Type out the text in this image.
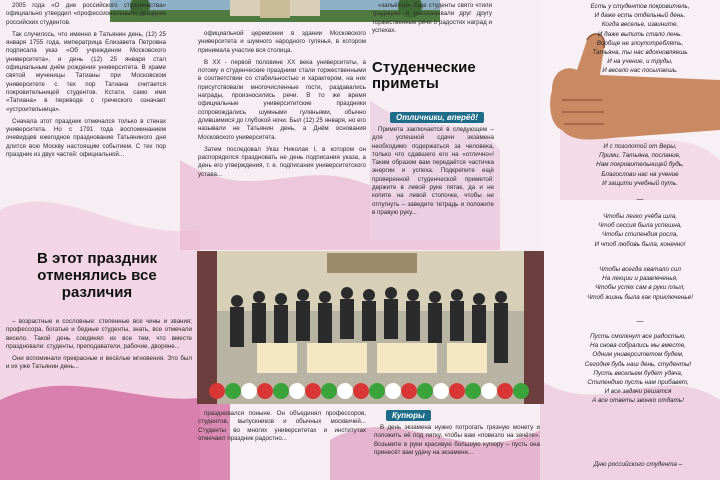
2005 года «О дне российского студенчества» официально утвердил «профессиональный» праздник российских студентов.

Так случилось, что именно в Татьянин день, (12) 25 января 1755 года, императрица Елизавета Петровна подписала указ «Об учреждении Московского университета», и день (12) 25 января стал официальным днём рождения университета. В храме святой мученицы Татианы при Московском университете с тех пор Татиана считается покровительницей студентов. Кстати, само имя «Татиана» в переводе с греческого означает «устроительница».

Сначала этот праздник отмечался только в стенах университета. Но с 1791 года воспоминанием очевидцев ежегодное празднование Татьяниного дня длится всю Москву настоящим событием. С тех пор праздник из двух частей: официальной...

официальной церемонии в здании Московского университета и шумного народного гулянья, в котором принимала участие вся столица.

В XX - первой половине XX века университеты, а потому и студенческие праздники стали торжественными в соответствии со стабильностью и характером, на них присутствовали многочисленные гости, раздавались награды, произносились речи. В то же время официальные университетские праздники сопровождались шумными гуляньями, обычно длившимися до глубокой ночи. Был (12) 25 января, но его называли не Татьянин день, а Днём основания Московского университета.

Затем последовал Указ Николая I, в котором он распорядился праздновать не день подписания указа, а день его утверждения, т. е. подписания университетского устава...

«запьётся». Еще студенты свято чтили традицию и рассказывали друг другу торжественные речи о радостях наград и успехах.

Студенческие приметы
Отличники, вперёд!

Примета заключается в следующем – для успешной сдачи экзамена необходимо подержаться за человека, только что сдавшего его на «отлично»! Таким образом вам передаётся частичка энергии и успеха. Подкрепите ещё проверенной студенческой приметой: держите в левой руке пятак, да и не копите на левой стопочке, чтобы не отпугнуть – заведите тетрадь и положите в правую руку...

Есть у студентов покровитель,
И даже есть отдельный день.
Когда веселье, извините,
И даже выпить стало лень.
Вообще не злоупотреблять,
Татьяна, ты нас вдохновляешь
И на учение, и труды,
И весело нас посылаешь.
И с позолотой от Веры,
Прими, Татьяна, послание,
Нам покровительницей будь,
Благослови нас на учение
И защити учебный путь.
—
Чтобы легко учёба шла,
Чтоб сессия была успешна,
Чтобы стипендия росла,
И чтоб любовь была, конечно!
Чтобы всегда хватало сил
На лекции и развлеченья,
Чтобы успех сам в руки плыл,
Чтоб жизнь была как приключенье!
—
Пусть смолкнут все радостью,
На снова собрались мы вместе,
Одним университетом будем,
Сегодня будь наш день, студенты!
Пусть весельем будет удача,
Стипендию пусть нам прибавят,
И все задачи решатся
А все ответы звонко отдать!
Дню российского студента –
В этот праздник отменялись все различия

– возрастные и сословные: степенные все чины и звания; профессора, богатые и бедные студенты, знать, все отмечали весело. Такой день соединял их все тем, что вместе праздновали: студенты, преподаватели, рабочие, дворяне...

Они вспоминали прекрасные и весёлые мгновения. Это был и их уже Татьянин день...

праздновался поныне. Он объединял профессоров, студентов, выпускников и обычных москвичей... Студенты во многих университетах и институтах отмечают праздник радостно...

Купюры

В день экзамена нужно потрогать грязную монету и положить её под пятку, чтобы вам «повезло на зачёте». Возьмите в руки красивую большую купюру – пусть она принесёт вам удачу на экзамене...
